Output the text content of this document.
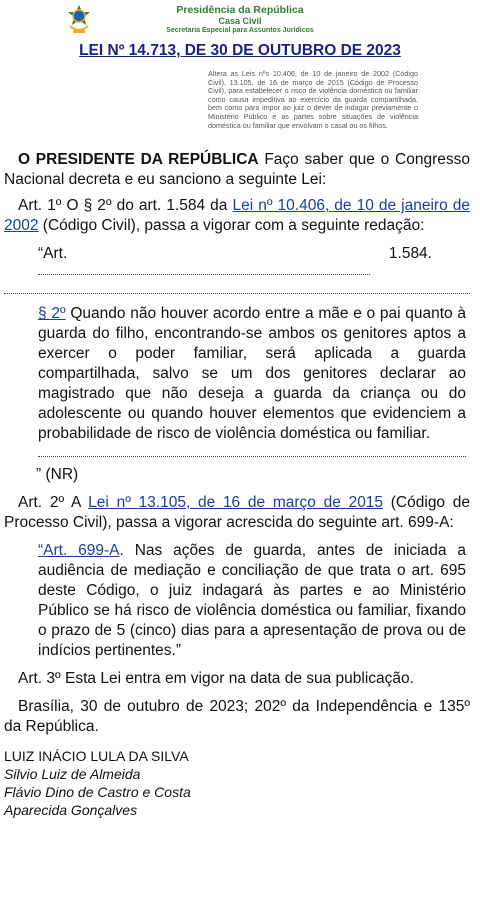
Presidência da República
Casa Civil
Secretaria Especial para Assuntos Jurídicos
LEI Nº 14.713, DE 30 DE OUTUBRO DE 2023
Altera as Leis nºs 10.406, de 10 de janeiro de 2002 (Código Civil), 13.105, de 16 de março de 2015 (Código de Processo Civil), para estabelecer o risco de violência doméstica ou familiar como causa impeditiva ao exercício da guarda compartilhada, bem como para impor ao juiz o dever de indagar previamente o Ministério Público e as partes sobre situações de violência doméstica ou familiar que envolvam o casal ou os filhos.

O PRESIDENTE DA REPÚBLICA Faço saber que o Congresso Nacional decreta e eu sanciono a seguinte Lei:

Art. 1º O § 2º do art. 1.584 da Lei nº 10.406, de 10 de janeiro de 2002 (Código Civil), passa a vigorar com a seguinte redação:

“Art.	1.584.

§ 2º Quando não houver acordo entre a mãe e o pai quanto à guarda do filho, encontrando-se ambos os genitores aptos a exercer o poder familiar, será aplicada a guarda compartilhada, salvo se um dos genitores declarar ao magistrado que não deseja a guarda da criança ou do adolescente ou quando houver elementos que evidenciem a probabilidade de risco de violência doméstica ou familiar.

” (NR)

Art. 2º A Lei nº 13.105, de 16 de março de 2015 (Código de Processo Civil), passa a vigorar acrescida do seguinte art. 699-A:

“Art. 699-A. Nas ações de guarda, antes de iniciada a audiência de mediação e conciliação de que trata o art. 695 deste Código, o juiz indagará às partes e ao Ministério Público se há risco de violência doméstica ou familiar, fixando o prazo de 5 (cinco) dias para a apresentação de prova ou de indícios pertinentes.”

Art. 3º Esta Lei entra em vigor na data de sua publicação.

Brasília, 30 de outubro de 2023; 202º da Independência e 135º da República.

LUIZ INÁCIO LULA DA SILVA
Silvio Luiz de Almeida
Flávio Dino de Castro e Costa
Aparecida Gonçalves
